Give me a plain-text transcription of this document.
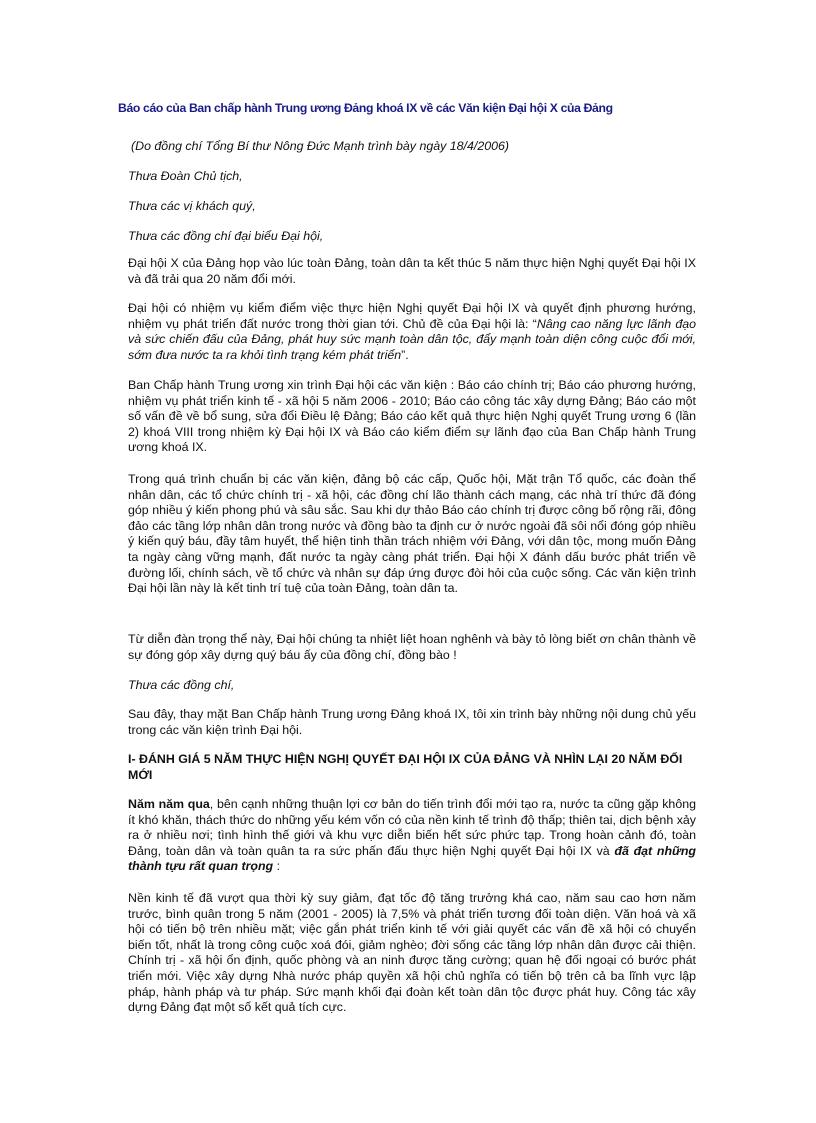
Báo cáo của Ban chấp hành Trung ương Đảng khoá IX về các Văn kiện Đại hội X của Đảng
(Do đồng chí Tổng Bí thư Nông Đức Mạnh trình bày ngày 18/4/2006)
Thưa Đoàn Chủ tịch,
Thưa các vị khách quý,
Thưa các đồng chí đại biểu Đại hội,
Đại hội X của Đảng họp vào lúc toàn Đảng, toàn dân ta kết thúc 5 năm thực hiện Nghị quyết Đại hội IX và đã trải qua 20 năm đổi mới.
Đại hội có nhiệm vụ kiểm điểm việc thực hiện Nghị quyết Đại hội IX và quyết định phương hướng, nhiệm vụ phát triển đất nước trong thời gian tới. Chủ đề của Đại hội là: “Nâng cao năng lực lãnh đạo và sức chiến đấu của Đảng, phát huy sức mạnh toàn dân tộc, đẩy mạnh toàn diện công cuộc đổi mới, sớm đưa nước ta ra khỏi tình trạng kém phát triển”.
Ban Chấp hành Trung ương xin trình Đại hội các văn kiện : Báo cáo chính trị; Báo cáo phương hướng, nhiệm vụ phát triển kinh tế - xã hội 5 năm 2006 - 2010; Báo cáo công tác xây dựng Đảng; Báo cáo một số vấn đề về bổ sung, sửa đổi Điều lệ Đảng; Báo cáo kết quả thực hiện Nghị quyết Trung ương 6 (lần 2) khoá VIII trong nhiệm kỳ Đại hội IX và Báo cáo kiểm điểm sự lãnh đạo của Ban Chấp hành Trung ương khoá IX.
Trong quá trình chuẩn bị các văn kiện, đảng bộ các cấp, Quốc hội, Mặt trận Tổ quốc, các đoàn thể nhân dân, các tổ chức chính trị - xã hội, các đồng chí lão thành cách mạng, các nhà trí thức đã đóng góp nhiều ý kiến phong phú và sâu sắc. Sau khi dự thảo Báo cáo chính trị được công bố rộng rãi, đông đảo các tầng lớp nhân dân trong nước và đồng bào ta định cư ở nước ngoài đã sôi nổi đóng góp nhiều ý kiến quý báu, đầy tâm huyết, thể hiện tinh thần trách nhiệm với Đảng, với dân tộc, mong muốn Đảng ta ngày càng vững mạnh, đất nước ta ngày càng phát triển. Đại hội X đánh dấu bước phát triển về đường lối, chính sách, về tổ chức và nhân sự đáp ứng được đòi hỏi của cuộc sống. Các văn kiện trình Đại hội lần này là kết tinh trí tuệ của toàn Đảng, toàn dân ta.
Từ diễn đàn trọng thể này, Đại hội chúng ta nhiệt liệt hoan nghênh và bày tỏ lòng biết ơn chân thành về sự đóng góp xây dựng quý báu ấy của đồng chí, đồng bào !
Thưa các đồng chí,
Sau đây, thay mặt Ban Chấp hành Trung ương Đảng khoá IX, tôi xin trình bày những nội dung chủ yếu trong các văn kiện trình Đại hội.
I- ĐÁNH GIÁ 5 NĂM THỰC HIỆN NGHỊ QUYẾT ĐẠI HỘI IX CỦA ĐẢNG VÀ NHÌN LẠI 20 NĂM ĐỔI MỚI
Năm năm qua, bên cạnh những thuận lợi cơ bản do tiến trình đổi mới tạo ra, nước ta cũng gặp không ít khó khăn, thách thức do những yếu kém vốn có của nền kinh tế trình độ thấp; thiên tai, dịch bệnh xảy ra ở nhiều nơi; tình hình thế giới và khu vực diễn biến hết sức phức tạp. Trong hoàn cảnh đó, toàn Đảng, toàn dân và toàn quân ta ra sức phấn đấu thực hiện Nghị quyết Đại hội IX và đã đạt những thành tựu rất quan trọng :
Nền kinh tế đã vượt qua thời kỳ suy giảm, đạt tốc độ tăng trưởng khá cao, năm sau cao hơn năm trước, bình quân trong 5 năm (2001 - 2005) là 7,5% và phát triển tương đối toàn diện. Văn hoá và xã hội có tiến bộ trên nhiều mặt; việc gắn phát triển kinh tế với giải quyết các vấn đề xã hội có chuyển biến tốt, nhất là trong công cuộc xoá đói, giảm nghèo; đời sống các tầng lớp nhân dân được cải thiện. Chính trị - xã hội ổn định, quốc phòng và an ninh được tăng cường; quan hệ đối ngoại có bước phát triển mới. Việc xây dựng Nhà nước pháp quyền xã hội chủ nghĩa có tiến bộ trên cả ba lĩnh vực lập pháp, hành pháp và tư pháp. Sức mạnh khối đại đoàn kết toàn dân tộc được phát huy. Công tác xây dựng Đảng đạt một số kết quả tích cực.
